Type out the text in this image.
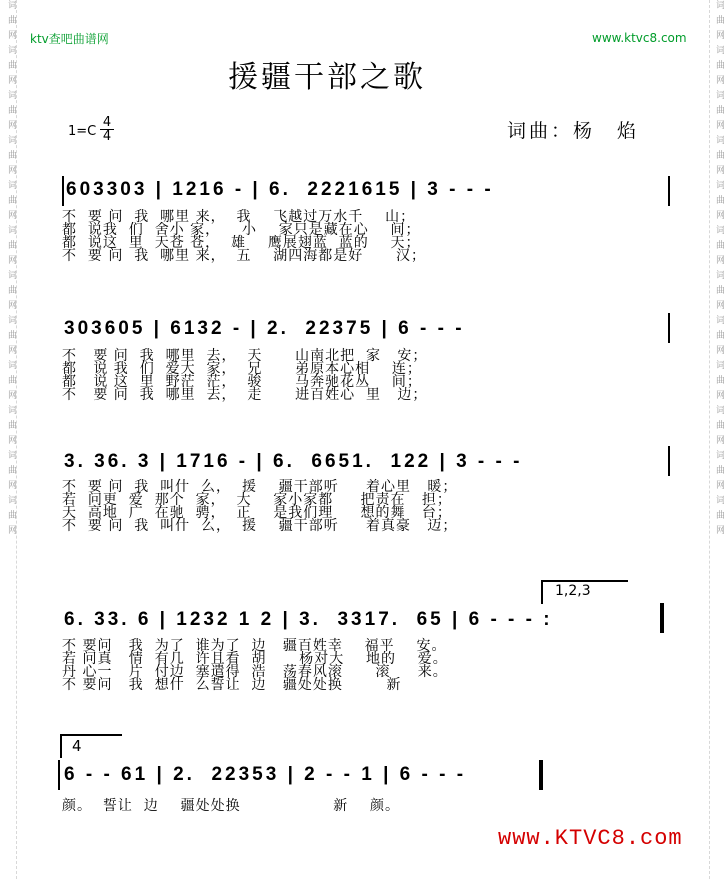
词曲网词曲网词曲网词曲网词曲网词曲网词曲网词曲网词曲网词曲网词曲网词曲网	词曲网词曲网词曲网词曲网词曲网词曲网词曲网词曲网词曲网词曲网词曲网词曲网
ktv查吧曲谱网	www.ktvc8.com
援疆干部之歌
1=C
4
4	词曲：杨　焰
603303 | 1216 - | 6.  2221615 | 3 - - -
不  要 问  我  哪里 来，  我    飞越过万水千    山；
都  说我  们  舍小 家，    小    家只是藏在心    间；
都  说这  里  天苍 苍，  雄    鹰展翅蓝  蓝的    天；
不  要 问  我  哪里 来，  五    湖四海都是好      汉；
303605 | 6132 - | 2.  22375 | 6 - - -
不   要 问  我  哪里  去，  天      山南北把  家   安；
都   说 我  们  爱大  家，  兄      弟原本心相    连；
都   说 这  里  野茫  茫，  骏      马奔驰花丛    间；
不   要 问  我  哪里  去，  走      进百姓心  里   边；
3. 36. 3 | 1716 - | 6.  6651.  122 | 3 - - -
不  要 问  我  叫什  么，  援    疆干部听     着心里   暖；
若  问更  爱  那个  家，  大    家小家都     把责在   担；
天  高地  广  在驰  骋，  正    是我们理     想的舞   台；
不  要 问  我  叫什  么，  援    疆干部听     着真豪   迈；
1,2,3
6. 33. 6 | 1232 1 2 | 3.  3317.  65 | 6 - - - :
不 要问   我  为了  谁为了  边   疆百姓幸    福平    安。
若 问真   情  有几  许且看  胡      杨对大    地的    爱。
丹 心一   片  付边  塞遣得  浩   荡春风滚      滚     来。
不 要问   我  想什  么誓让  边   疆处处换        新
4
6 - - 61 | 2.  22353 | 2 - - 1 | 6 - - -
颜。  誓让  边    疆处处换                 新    颜。
www.KTVC8.com
